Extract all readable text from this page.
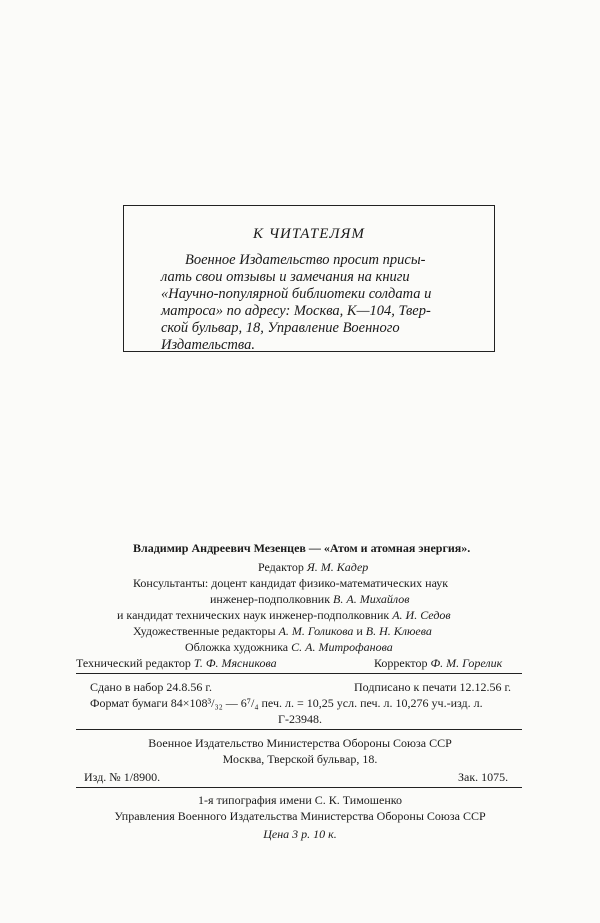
К ЧИТАТЕЛЯМ
Военное Издательство просит присы-
лать свои отзывы и замечания на книги
«Научно-популярной библиотеки солдата и
матроса» по адресу: Москва, К—104, Твер-
ской бульвар, 18, Управление Военного
Издательства.
Владимир Андреевич Мезенцев — «Атом и атомная энергия».
Редактор Я. М. Кадер
Консультанты: доцент кандидат физико-математических наук
инженер-подполковник В. А. Михайлов
и кандидат технических наук инженер-подполковник А. И. Седов
Художественные редакторы А. М. Голикова и В. Н. Клюева
Обложка художника С. А. Митрофанова
Технический редактор Т. Ф. Мясникова	Корректор Ф. М. Горелик
Сдано в набор 24.8.56 г.	Подписано к печати 12.12.56 г.
Формат бумаги 84×108³/₃₂ — 6⁷/₄ печ. л. = 10,25 усл. печ. л. 10,276 уч.-изд. л.
Г-23948.
Военное Издательство Министерства Обороны Союза ССР
Москва, Тверской бульвар, 18.
Изд. № 1/8900.	Зак. 1075.
1-я типография имени С. К. Тимошенко
Управления Военного Издательства Министерства Обороны Союза ССР
Цена 3 р. 10 к.
